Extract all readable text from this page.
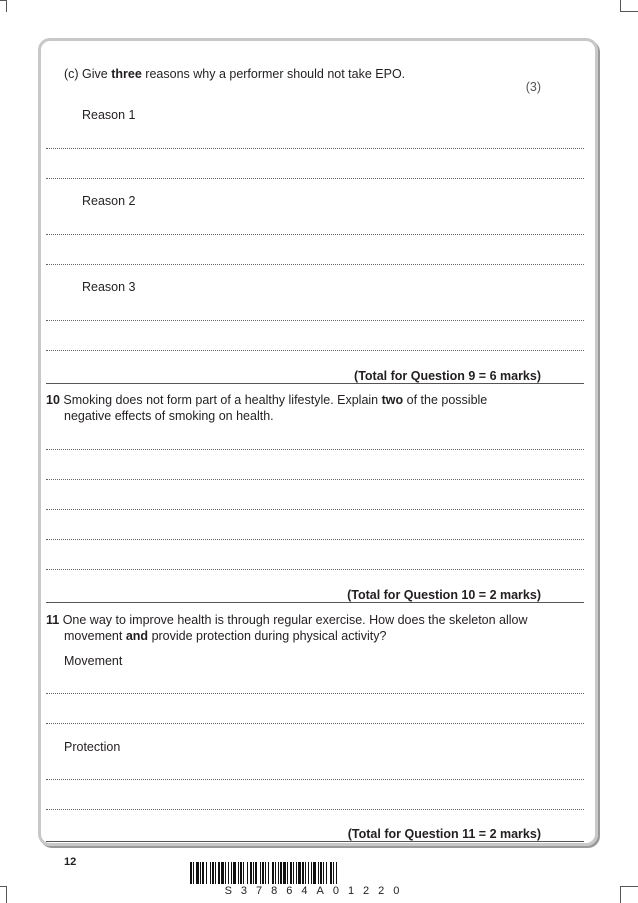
(c) Give three reasons why a performer should not take EPO.
(3)
Reason 1
Reason 2
Reason 3
(Total for Question 9 = 6 marks)
10 Smoking does not form part of a healthy lifestyle. Explain two of the possible
negative effects of smoking on health.
(Total for Question 10 = 2 marks)
11 One way to improve health is through regular exercise. How does the skeleton allow
movement and provide protection during physical activity?
Movement
Protection
(Total for Question 11 = 2 marks)
12
S37864A01220
